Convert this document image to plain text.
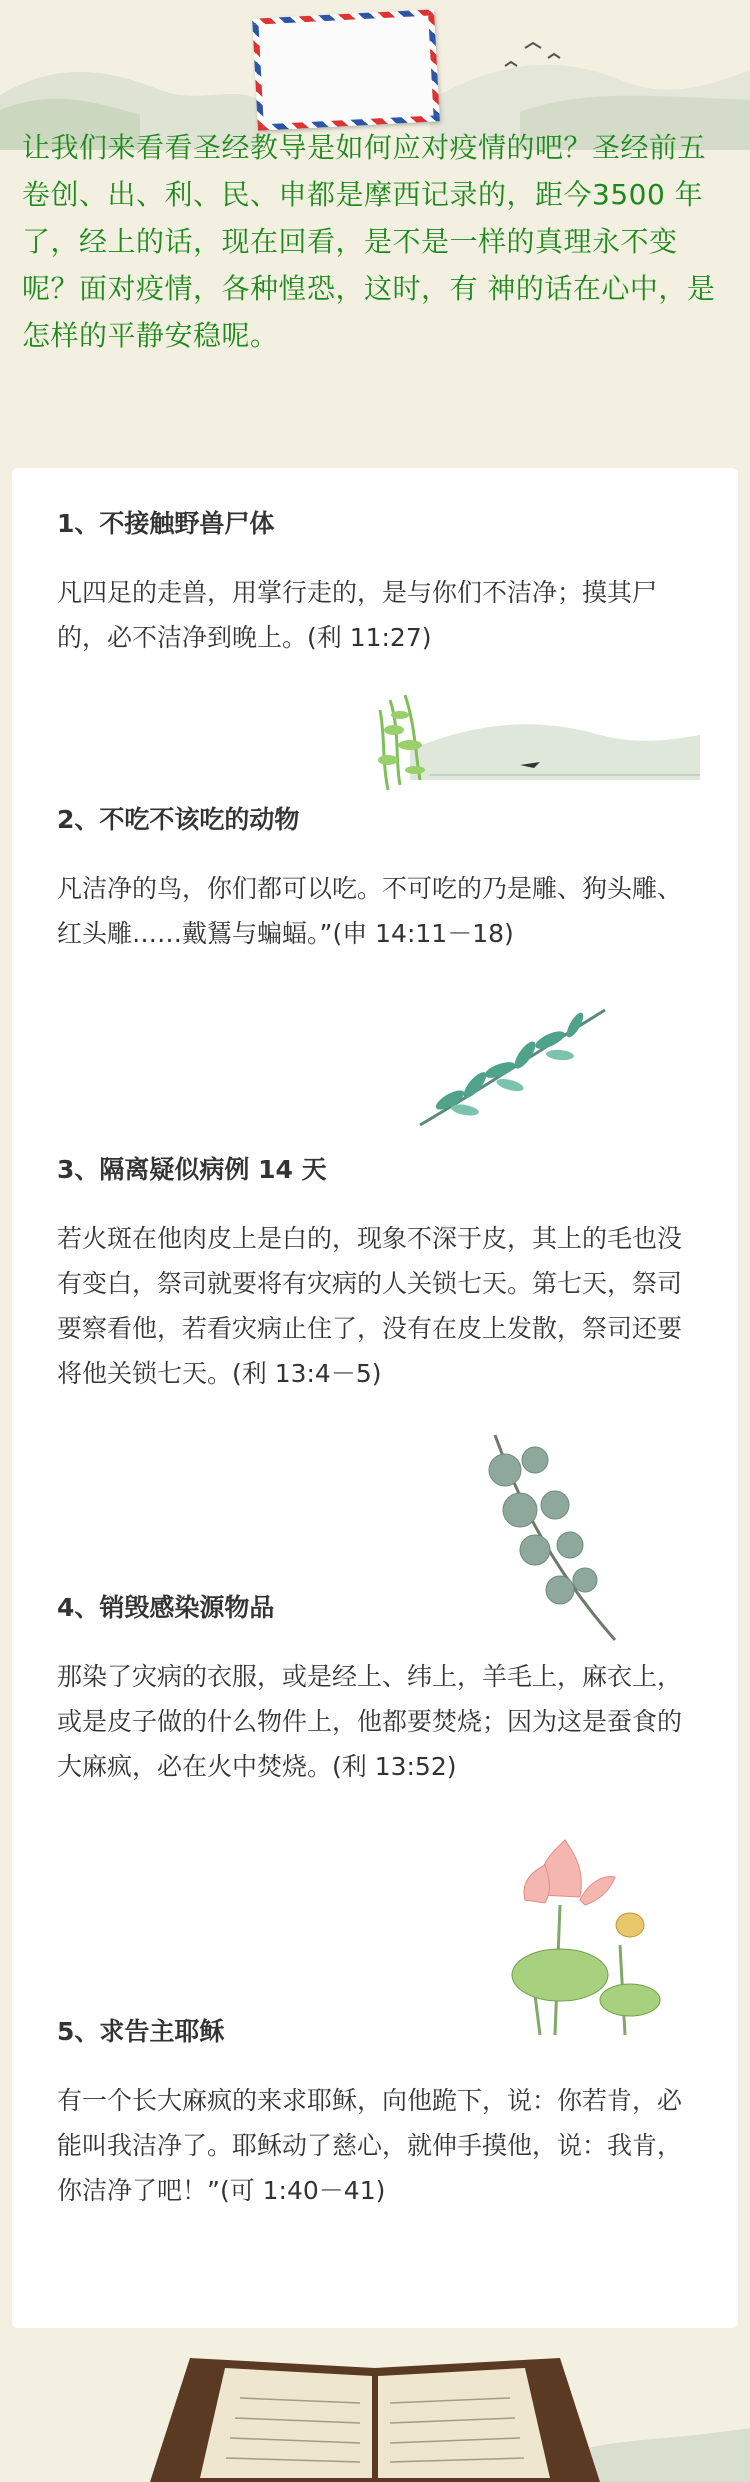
让我们来看看圣经教导是如何应对疫情的吧？圣经前五卷创、出、利、民、申都是摩西记录的，距今3500 年了，经上的话，现在回看，是不是一样的真理永不变呢？面对疫情，各种惶恐，这时，有 神的话在心中，是怎样的平静安稳呢。
1、不接触野兽尸体
凡四足的走兽，用掌行走的，是与你们不洁净；摸其尸的，必不洁净到晚上。(利 11:27)
2、不吃不该吃的动物
凡洁净的鸟，你们都可以吃。不可吃的乃是雕、狗头雕、红头雕……戴鵟与蝙蝠。”(申 14:11－18)
3、隔离疑似病例 14 天
若火斑在他肉皮上是白的，现象不深于皮，其上的毛也没有变白，祭司就要将有灾病的人关锁七天。第七天，祭司要察看他，若看灾病止住了，没有在皮上发散，祭司还要将他关锁七天。(利 13:4－5)
4、销毁感染源物品
那染了灾病的衣服，或是经上、纬上，羊毛上，麻衣上，或是皮子做的什么物件上，他都要焚烧；因为这是蚕食的大麻疯，必在火中焚烧。(利 13:52)
5、求告主耶稣
有一个长大麻疯的来求耶稣，向他跪下，说：你若肯，必能叫我洁净了。耶稣动了慈心，就伸手摸他，说：我肯，你洁净了吧！”(可 1:40－41)
